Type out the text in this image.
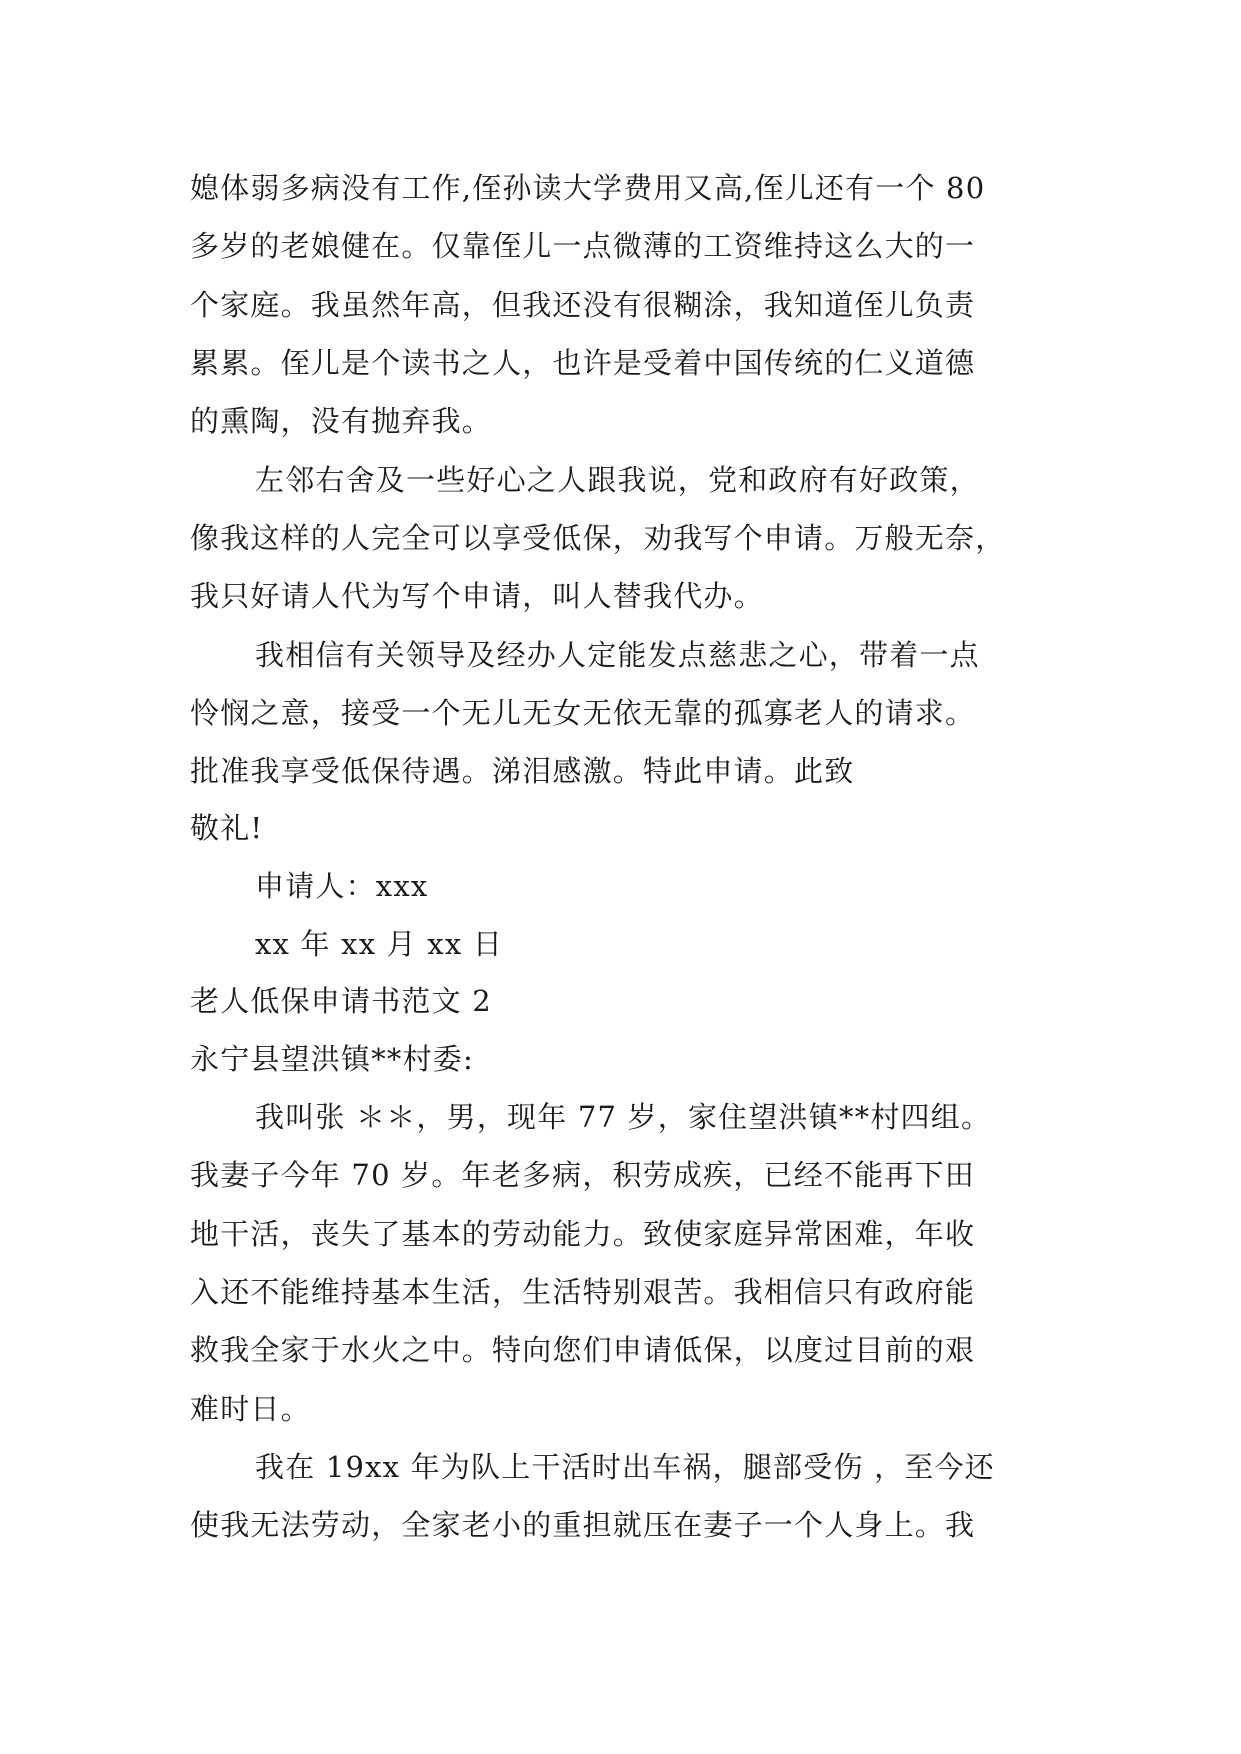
媳体弱多病没有工作,侄孙读大学费用又高,侄儿还有一个 80
多岁的老娘健在。仅靠侄儿一点微薄的工资维持这么大的一
个家庭。我虽然年高，但我还没有很糊涂，我知道侄儿负责
累累。侄儿是个读书之人，也许是受着中国传统的仁义道德
的熏陶，没有抛弃我。
左邻右舍及一些好心之人跟我说，党和政府有好政策，
像我这样的人完全可以享受低保，劝我写个申请。万般无奈，
我只好请人代为写个申请，叫人替我代办。
我相信有关领导及经办人定能发点慈悲之心，带着一点
怜悯之意，接受一个无儿无女无依无靠的孤寡老人的请求。
批准我享受低保待遇。涕泪感激。特此申请。此致
敬礼!
申请人：xxx
xx 年 xx 月 xx 日
老人低保申请书范文 2
永宁县望洪镇**村委:
我叫张 ＊＊，男，现年 77 岁，家住望洪镇**村四组。
我妻子今年 70 岁。年老多病，积劳成疾，已经不能再下田
地干活，丧失了基本的劳动能力。致使家庭异常困难，年收
入还不能维持基本生活，生活特别艰苦。我相信只有政府能
救我全家于水火之中。特向您们申请低保，以度过目前的艰
难时日。
我在 19xx 年为队上干活时出车祸，腿部受伤 ，至今还
使我无法劳动，全家老小的重担就压在妻子一个人身上。我
